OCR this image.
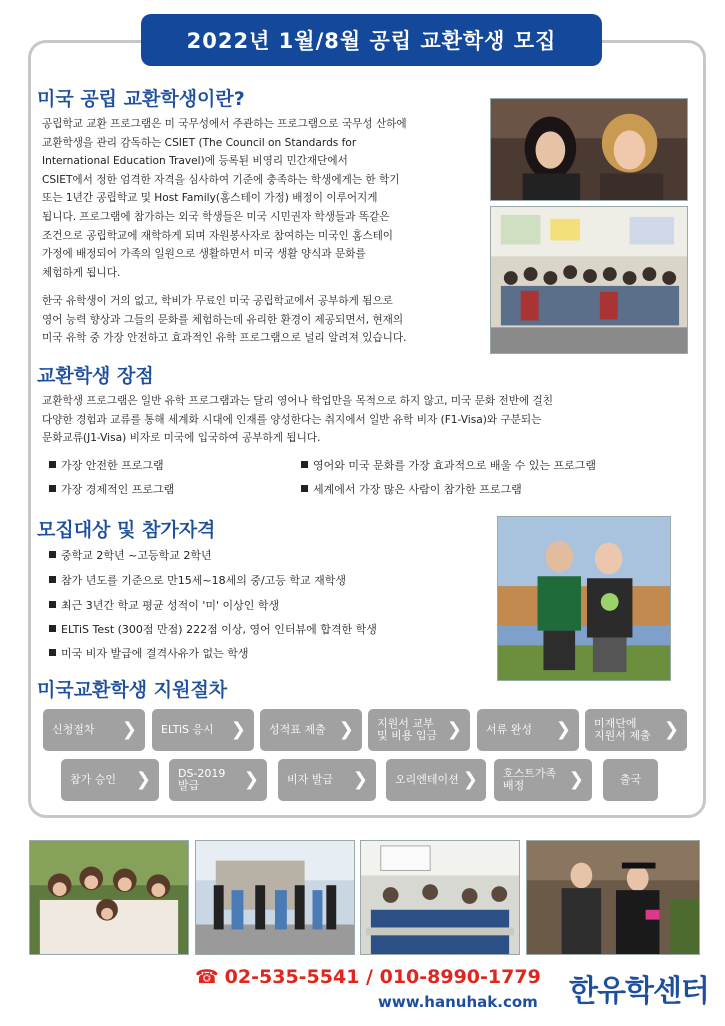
2022년 1월/8월 공립 교환학생 모집
미국 공립 교환학생이란?
공립학교 교환 프로그램은 미 국무성에서 주관하는 프로그램으로 국무성 산하에
교환학생을 관리 감독하는 CSIET (The Council on Standards for
International Education Travel)에 등록된 비영리 민간재단에서
CSIET에서 정한 엄격한 자격을 심사하여 기준에 충족하는 학생에게는 한 학기
또는 1년간 공립학교 및 Host Family(홈스테이 가정) 배정이 이루어지게
됩니다. 프로그램에 참가하는 외국 학생들은 미국 시민권자 학생들과 똑같은
조건으로 공립학교에 재학하게 되며 자원봉사자로 참여하는 미국인 홈스테이
가정에 배정되어 가족의 일원으로 생활하면서 미국 생활 양식과 문화를
체험하게 됩니다.
한국 유학생이 거의 없고, 학비가 무료인 미국 공립학교에서 공부하게 됨으로
영어 능력 향상과 그들의 문화를 체험하는데 유리한 환경이 제공되면서, 현재의
미국 유학 중 가장 안전하고 효과적인 유학 프로그램으로 널리 알려져 있습니다.
교환학생 장점
교환학생 프로그램은 일반 유학 프로그램과는 달리 영어나 학업만을 목적으로 하지 않고, 미국 문화 전반에 걸친
다양한 경험과 교류를 통해 세계화 시대에 인재를 양성한다는 취지에서 일반 유학 비자 (F1-Visa)와 구분되는
문화교류(J1-Visa) 비자로 미국에 입국하여 공부하게 됩니다.
가장 안전한 프로그램	영어와 미국 문화를 가장 효과적으로 배울 수 있는 프로그램
가장 경제적인 프로그램	세계에서 가장 많은 사람이 참가한 프로그램
모집대상 및 참가자격
중학교 2학년 ~고등학교 2학년
참가 년도를 기준으로 만15세~18세의 중/고등 학교 재학생
최근 3년간 학교 평균 성적이 '미' 이상인 학생
ELTiS Test (300점 만점) 222점 이상, 영어 인터뷰에 합격한 학생
미국 비자 발급에 결격사유가 없는 학생
미국교환학생 지원절차
신청절차 ❯ ELTiS 응시 ❯ 성적표 제출 ❯ 지원서 교부
및 비용 입금 ❯ 서류 완성 ❯ 미재단에
지원서 제출 ❯
참가 승인 ❯ DS-2019
발급	❯	비자 발급 ❯ 오리엔테이션 ❯ 호스트가족
배정	❯	출국
☎ 02-535-5541 / 010-8990-1779
www.hanuhak.com 한유학센터
